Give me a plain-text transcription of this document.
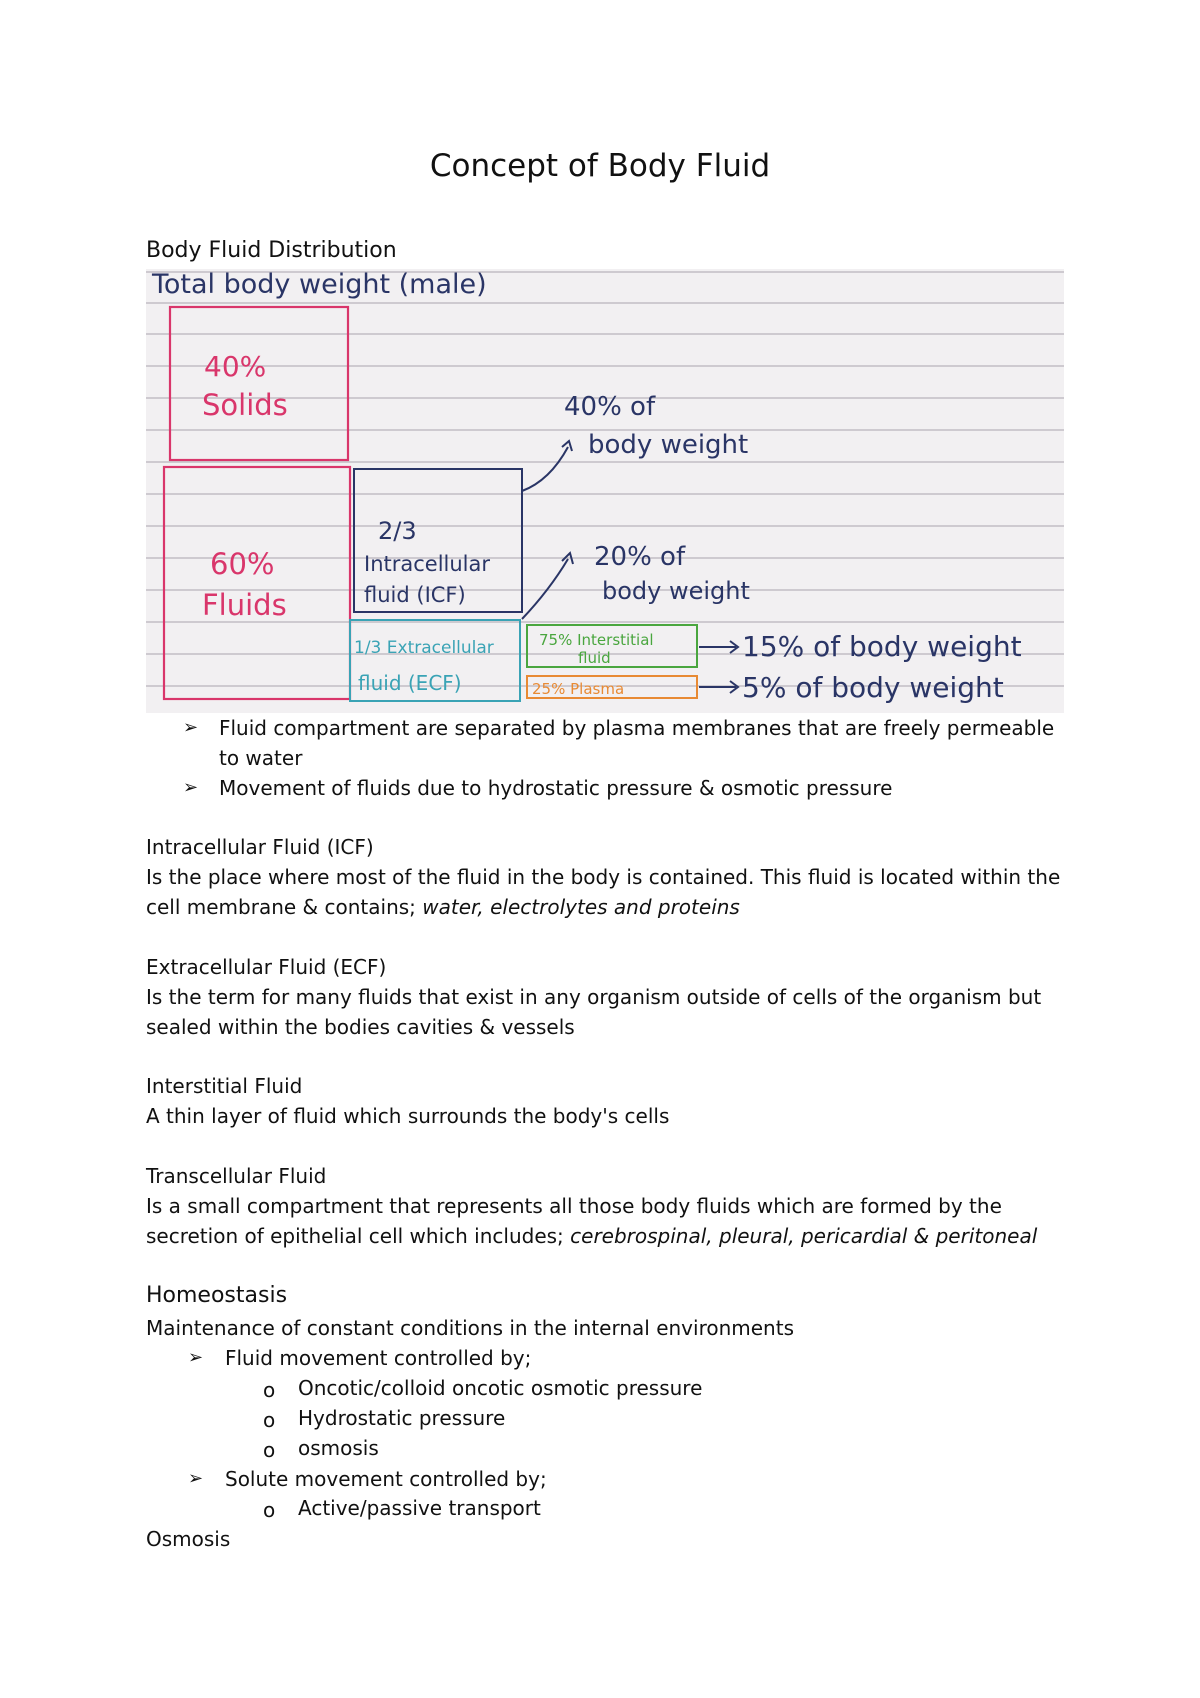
Concept of Body Fluid
Body Fluid Distribution
Total body weight (male)
40%
Solids
60%
Fluids
2/3
Intracellular
fluid (ICF)
1/3 Extracellular
fluid (ECF)
40% of
body weight
20% of
body weight
75% Interstitial
fluid	15% of body weight
25% Plasma	5% of body weight
➢ Fluid compartment are separated by plasma membranes that are freely permeable
to water
➢ Movement of fluids due to hydrostatic pressure & osmotic pressure
Intracellular Fluid (ICF)
Is the place where most of the fluid in the body is contained. This fluid is located within the
cell membrane & contains; water, electrolytes and proteins
Extracellular Fluid (ECF)
Is the term for many fluids that exist in any organism outside of cells of the organism but
sealed within the bodies cavities & vessels
Interstitial Fluid
A thin layer of fluid which surrounds the body's cells
Transcellular Fluid
Is a small compartment that represents all those body fluids which are formed by the
secretion of epithelial cell which includes; cerebrospinal, pleural, pericardial & peritoneal
Homeostasis
Maintenance of constant conditions in the internal environments
➢ Fluid movement controlled by;
o Oncotic/colloid oncotic osmotic pressure
o Hydrostatic pressure
o osmosis
➢ Solute movement controlled by;
o Active/passive transport
Osmosis
